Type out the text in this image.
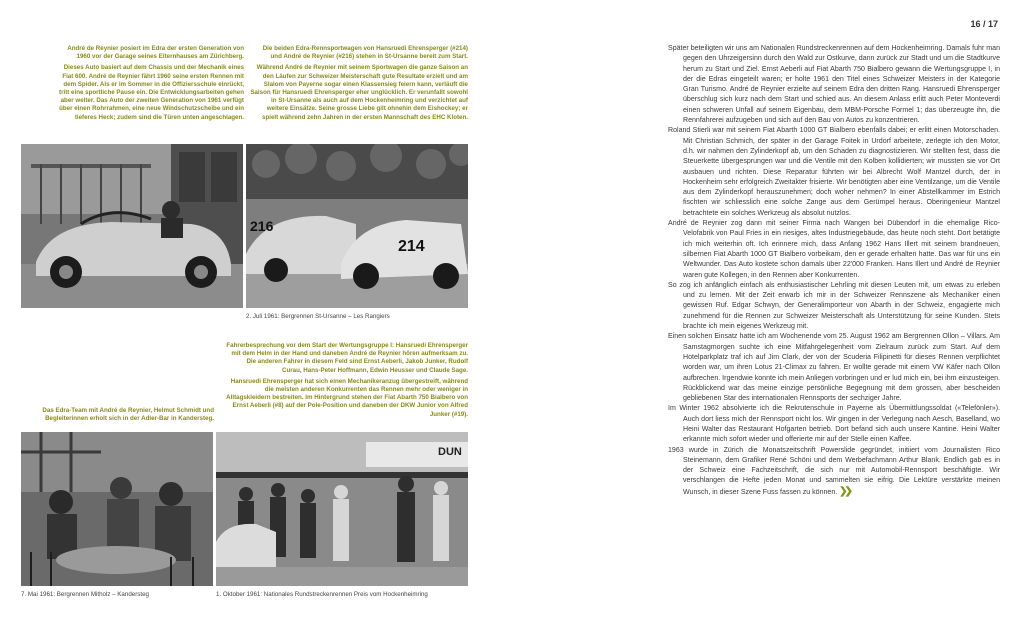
16 / 17

André de Reynier posiert im Edra der ersten Generation von 1960 vor der Garage seines Elternhauses am Zürichberg.

Dieses Auto basiert auf dem Chassis und der Mechanik eines Fiat 600. André de Reynier fährt 1960 seine ersten Rennen mit dem Spider. Als er im Sommer in die Offiziersschule einrückt, tritt eine sportliche Pause ein. Die Entwicklungsarbeiten gehen aber weiter. Das Auto der zweiten Generation von 1961 verfügt über einen Rohrrahmen, eine neue Windschutzscheibe und ein tieferes Heck; zudem sind die Türen unten angeschlagen.

Die beiden Edra-Rennsportwagen von Hansruedi Ehrensperger (#214) und André de Reynier (#216) stehen in St-Ursanne bereit zum Start.

Während André de Reynier mit seinem Sportwagen die ganze Saison an den Läufen zur Schweizer Meisterschaft gute Resultate erzielt und am Slalom von Payerne sogar einen Klassensieg feiern kann, verläuft die Saison für Hansruedi Ehrensperger eher unglücklich. Er verunfallt sowohl in St-Ursanne als auch auf dem Hockenheimring und verzichtet auf weitere Einsätze. Seine grosse Liebe gilt ohnehin dem Eishockey; er spielt während zehn Jahren in der ersten Mannschaft des EHC Kloten.

216
214
2. Juli 1961: Bergrennen St-Ursanne – Les Rangiers

Fahrerbesprechung vor dem Start der Wertungsgruppe I: Hansruedi Ehrensperger mit dem Helm in der Hand und daneben André de Reynier hören aufmerksam zu. Die anderen Fahrer in diesem Feld sind Ernst Aeberli, Jakob Junker, Rudolf Curau, Hans-Peter Hoffmann, Edwin Heusser und Claude Sage.

Hansruedi Ehrensperger hat sich einen Mechanikeranzug übergestreift, während die meisten anderen Konkurrenten das Rennen mehr oder weniger in Alltagskleidern bestreiten. Im Hintergrund stehen der Fiat Abarth 750 Bialbero von Ernst Aeberli (#8) auf der Pole-Position und daneben der DKW Junior von Alfred Junker (#19).

Das Edra-Team mit André de Reynier, Helmut Schmidt und Begleiterinnen erholt sich in der Adler-Bar in Kandersteg.

DUN
7. Mai 1961: Bergrennen Mitholz – Kandersteg	1. Oktober 1961: Nationales Rundstreckenrennen Preis vom Hockenheimring

Später beteiligten wir uns am Nationalen Rundstreckenrennen auf dem Hockenheimring. Damals fuhr man gegen den Uhrzeigersinn durch den Wald zur Ostkurve, dann zurück zur Stadt und um die Stadtkurve herum zu Start und Ziel. Ernst Aeberli auf Fiat Abarth 750 Bialbero gewann die Wertungsgruppe I, in der die Edras eingeteilt waren; er holte 1961 den Titel eines Schweizer Meisters in der Kategorie Gran Turismo. André de Reynier erzielte auf seinem Edra den dritten Rang. Hansruedi Ehrensperger überschlug sich kurz nach dem Start und schied aus. An diesem Anlass erlitt auch Peter Monteverdi einen schweren Unfall auf seinem Eigenbau, dem MBM-Porsche Formel 1; das überzeugte ihn, die Rennfahrerei aufzugeben und sich auf den Bau von Autos zu konzentrieren.

Roland Stierli war mit seinem Fiat Abarth 1000 GT Bialbero ebenfalls dabei; er erlitt einen Motorschaden. Mit Christian Schmich, der später in der Garage Foitek in Urdorf arbeitete, zerlegte ich den Motor, d.h. wir nahmen den Zylinderkopf ab, um den Schaden zu diagnostizieren. Wir stellten fest, dass die Steuerkette übergesprungen war und die Ventile mit den Kolben kollidierten; wir mussten sie vor Ort ausbauen und richten. Diese Reparatur führten wir bei Albrecht Wolf Mantzel durch, der in Hockenheim sehr erfolgreich Zweitakter frisierte. Wir benötigten aber eine Ventilzange, um die Ventile aus dem Zylinderkopf herauszunehmen; doch woher nehmen? In einer Abstellkammer im Estrich fischten wir schliesslich eine solche Zange aus dem Gerümpel heraus. Oberingenieur Mantzel betrachtete ein solches Werkzeug als absolut nutzlos.

André de Reynier zog dann mit seiner Firma nach Wangen bei Dübendorf in die ehemalige Rico-Velofabrik von Paul Fries in ein riesiges, altes Industriegebäude, das heute noch steht. Dort betätigte ich mich weiterhin oft. Ich erinnere mich, dass Anfang 1962 Hans Illert mit seinem brandneuen, silbernen Fiat Abarth 1000 GT Bialbero vorbeikam, den er gerade erhalten hatte. Das war für uns ein Weltwunder. Das Auto kostete schon damals über 22'000 Franken. Hans Illert und André de Reynier waren gute Kollegen, in den Rennen aber Konkurrenten.

So zog ich anfänglich einfach als enthusiastischer Lehrling mit diesen Leuten mit, um etwas zu erleben und zu lernen. Mit der Zeit erwarb ich mir in der Schweizer Rennszene als Mechaniker einen gewissen Ruf. Edgar Schwyn, der Generalimporteur von Abarth in der Schweiz, engagierte mich zunehmend für die Rennen zur Schweizer Meisterschaft als Unterstützung für seine Kunden. Stets brachte ich mein eigenes Werkzeug mit.

Einen solchen Einsatz hatte ich am Wochenende vom 25. August 1962 am Bergrennen Ollon – Villars. Am Samstagmorgen suchte ich eine Mitfahrgelegenheit vom Zielraum zurück zum Start. Auf dem Hotelparkplatz traf ich auf Jim Clark, der von der Scuderia Filipinetti für dieses Rennen verpflichtet worden war, um ihren Lotus 21-Climax zu fahren. Er wollte gerade mit einem VW Käfer nach Ollon aufbrechen. Irgendwie konnte ich mein Anliegen vorbringen und er lud mich ein, bei ihm einzusteigen. Rückblickend war das meine einzige persönliche Begegnung mit dem grossen, aber bescheiden gebliebenen Star des internationalen Rennsports der sechziger Jahre.

Im Winter 1962 absolvierte ich die Rekrutenschule in Payerne als Übermittlungssoldat («Telefönler»). Auch dort liess mich der Rennsport nicht los. Wir gingen in der Verlegung nach Aesch, Baselland, wo Heini Walter das Restaurant Hofgarten betrieb. Dort befand sich auch unsere Kantine. Heini Walter erkannte mich sofort wieder und offerierte mir auf der Stelle einen Kaffee.

1963 wurde in Zürich die Monatszeitschrift Powerslide gegründet, initiiert vom Journalisten Rico Steinemann, dem Grafiker René Schöni und dem Werbefachmann Arthur Blank. Endlich gab es in der Schweiz eine Fachzeitschrift, die sich nur mit Automobil-Rennsport beschäftigte. Wir verschlangen die Hefte jeden Monat und sammelten sie eifrig. Die Lektüre verstärkte meinen Wunsch, in dieser Szene Fuss fassen zu können. ❯❯
